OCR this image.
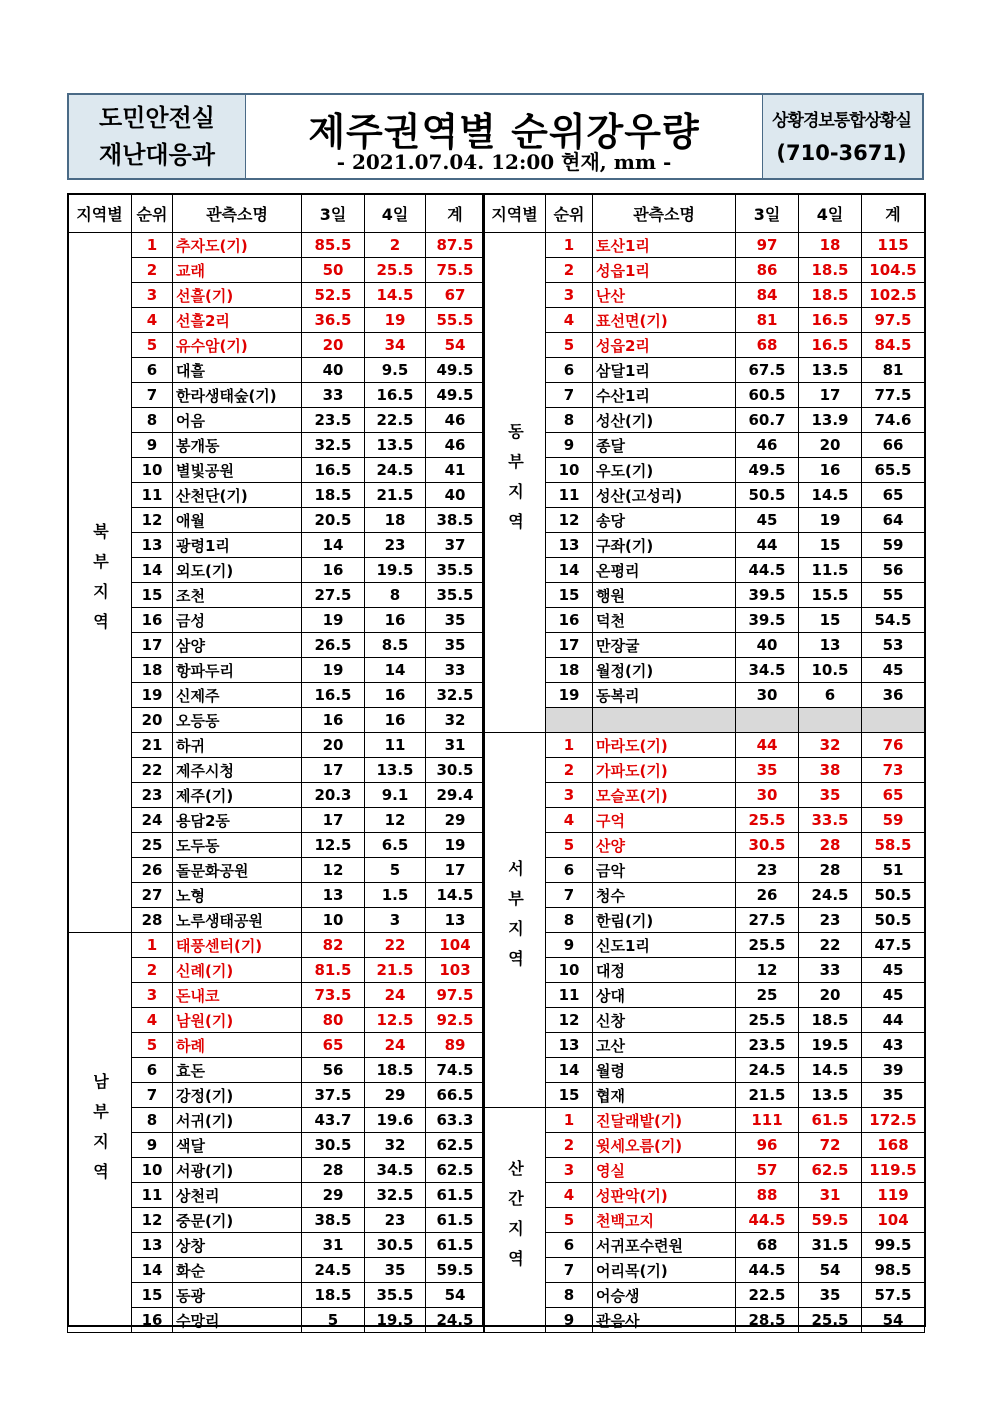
도민안전실
재난대응과
제주권역별 순위강우량
- 2021.07.04. 12:00 현재, mm -
상황경보통합상황실
(710-3671)
지역별	순위	관측소명	3일	4일	계
북부지역	1	추자도(기)	85.5	2	87.5
	2	교래	50	25.5	75.5
	3	선흘(기)	52.5	14.5	67
	4	선흘2리	36.5	19	55.5
	5	유수암(기)	20	34	54
	6	대흘	40	9.5	49.5
	7	한라생태숲(기)	33	16.5	49.5
	8	어음	23.5	22.5	46
	9	봉개동	32.5	13.5	46
	10	별빛공원	16.5	24.5	41
	11	산천단(기)	18.5	21.5	40
	12	애월	20.5	18	38.5
	13	광령1리	14	23	37
	14	외도(기)	16	19.5	35.5
	15	조천	27.5	8	35.5
	16	금성	19	16	35
	17	삼양	26.5	8.5	35
	18	항파두리	19	14	33
	19	신제주	16.5	16	32.5
	20	오등동	16	16	32
	21	하귀	20	11	31
	22	제주시청	17	13.5	30.5
	23	제주(기)	20.3	9.1	29.4
	24	용담2동	17	12	29
	25	도두동	12.5	6.5	19
	26	돌문화공원	12	5	17
	27	노형	13	1.5	14.5
	28	노루생태공원	10	3	13
남부지역	1	태풍센터(기)	82	22	104
	2	신례(기)	81.5	21.5	103
	3	돈내코	73.5	24	97.5
	4	남원(기)	80	12.5	92.5
	5	하례	65	24	89
	6	효돈	56	18.5	74.5
	7	강정(기)	37.5	29	66.5
	8	서귀(기)	43.7	19.6	63.3
	9	색달	30.5	32	62.5
	10	서광(기)	28	34.5	62.5
	11	상천리	29	32.5	61.5
	12	중문(기)	38.5	23	61.5
	13	상창	31	30.5	61.5
	14	화순	24.5	35	59.5
	15	동광	18.5	35.5	54
	16	수망리	5	19.5	24.5
지역별	순위	관측소명	3일	4일	계
동부지역	1	토산1리	97	18	115
	2	성읍1리	86	18.5	104.5
	3	난산	84	18.5	102.5
	4	표선면(기)	81	16.5	97.5
	5	성읍2리	68	16.5	84.5
	6	삼달1리	67.5	13.5	81
	7	수산1리	60.5	17	77.5
	8	성산(기)	60.7	13.9	74.6
	9	종달	46	20	66
	10	우도(기)	49.5	16	65.5
	11	성산(고성리)	50.5	14.5	65
	12	송당	45	19	64
	13	구좌(기)	44	15	59
	14	온평리	44.5	11.5	56
	15	행원	39.5	15.5	55
	16	덕천	39.5	15	54.5
	17	만장굴	40	13	53
	18	월정(기)	34.5	10.5	45
	19	동복리	30	6	36

서부지역	1	마라도(기)	44	32	76
	2	가파도(기)	35	38	73
	3	모슬포(기)	30	35	65
	4	구억	25.5	33.5	59
	5	산양	30.5	28	58.5
	6	금악	23	28	51
	7	청수	26	24.5	50.5
	8	한림(기)	27.5	23	50.5
	9	신도1리	25.5	22	47.5
	10	대정	12	33	45
	11	상대	25	20	45
	12	신창	25.5	18.5	44
	13	고산	23.5	19.5	43
	14	월령	24.5	14.5	39
	15	협재	21.5	13.5	35
산간지역	1	진달래밭(기)	111	61.5	172.5
	2	윗세오름(기)	96	72	168
	3	영실	57	62.5	119.5
	4	성판악(기)	88	31	119
	5	천백고지	44.5	59.5	104
	6	서귀포수련원	68	31.5	99.5
	7	어리목(기)	44.5	54	98.5
	8	어승생	22.5	35	57.5
	9	관음사	28.5	25.5	54
